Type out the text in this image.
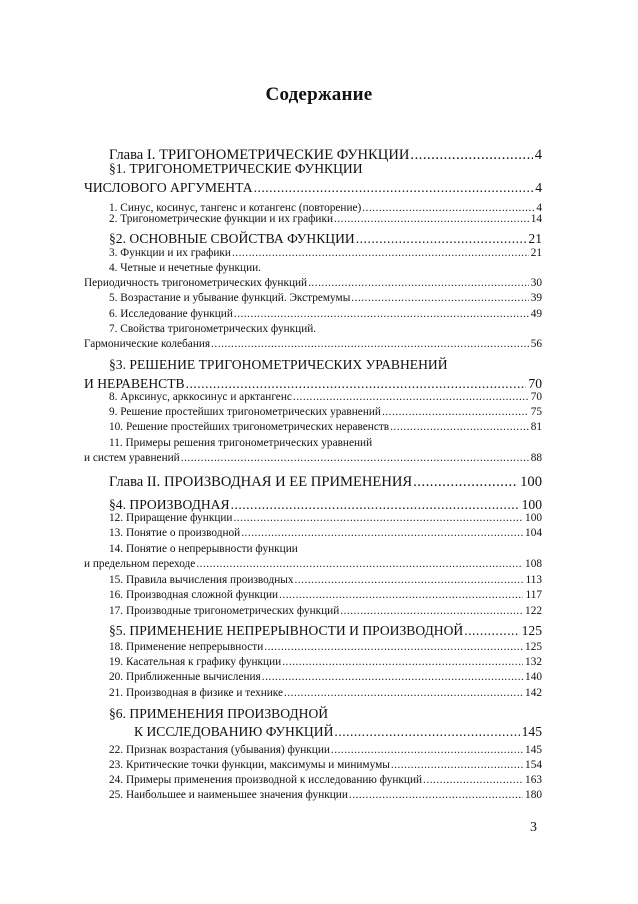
Содержание
Глава I. ТРИГОНОМЕТРИЧЕСКИЕ ФУНКЦИИ .....	4
§1. ТРИГОНОМЕТРИЧЕСКИЕ ФУНКЦИИ
ЧИСЛОВОГО АРГУМЕНТА .....	4
1. Синус, косинус, тангенс и котангенс (повторение) .....	4
2. Тригонометрические функции и их графики .....	14
§2. ОСНОВНЫЕ СВОЙСТВА ФУНКЦИИ .....	21
3. Функции и их графики .....	21
4. Четные и нечетные функции.
Периодичность тригонометрических функций .....	30
5. Возрастание и убывание функций. Экстремумы .....	39
6. Исследование функций .....	49
7. Свойства тригонометрических функций.
Гармонические колебания .....	56
§3. РЕШЕНИЕ ТРИГОНОМЕТРИЧЕСКИХ УРАВНЕНИЙ
И НЕРАВЕНСТВ .....	70
8. Арксинус, арккосинус и арктангенс .....	70
9. Решение простейших тригонометрических уравнений .....	75
10. Решение простейших тригонометрических неравенств .....	81
11. Примеры решения тригонометрических уравнений
и систем уравнений .....	88
Глава II. ПРОИЗВОДНАЯ И ЕЕ ПРИМЕНЕНИЯ .....	100
§4. ПРОИЗВОДНАЯ .....	100
12. Приращение функции .....	100
13. Понятие о производной .....	104
14. Понятие о непрерывности функции
и предельном переходе .....	108
15. Правила вычисления производных .....	113
16. Производная сложной функции .....	117
17. Производные тригонометрических функций .....	122
§5. ПРИМЕНЕНИЕ НЕПРЕРЫВНОСТИ И ПРОИЗВОДНОЙ .....	125
18. Применение непрерывности .....	125
19. Касательная к графику функции .....	132
20. Приближенные вычисления .....	140
21. Производная в физике и технике .....	142
§6. ПРИМЕНЕНИЯ ПРОИЗВОДНОЙ
К ИССЛЕДОВАНИЮ ФУНКЦИЙ .....	145
22. Признак возрастания (убывания) функции .....	145
23. Критические точки функции, максимумы и минимумы .....	154
24. Примеры применения производной к исследованию функций .....	163
25. Наибольшее и наименьшее значения функции .....	180
3
